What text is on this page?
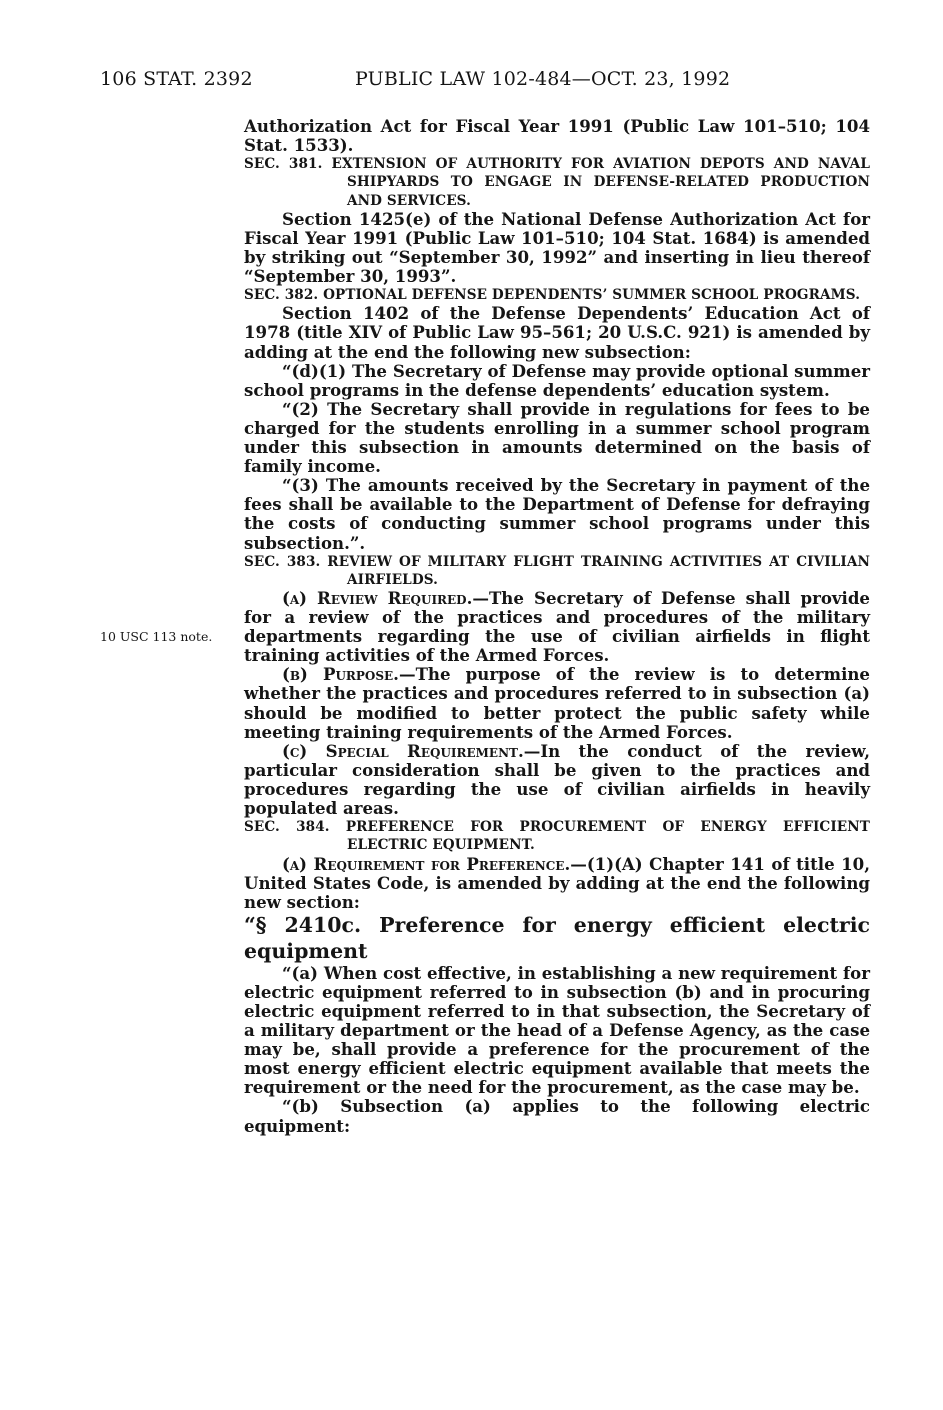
106 STAT. 2392	PUBLIC LAW 102-484—OCT. 23, 1992
10 USC 113 note.

Authorization Act for Fiscal Year 1991 (Public Law 101–510; 104 Stat. 1533).

SEC. 381. EXTENSION OF AUTHORITY FOR AVIATION DEPOTS AND NAVAL SHIPYARDS TO ENGAGE IN DEFENSE-RELATED PRODUCTION AND SERVICES.

Section 1425(e) of the National Defense Authorization Act for Fiscal Year 1991 (Public Law 101–510; 104 Stat. 1684) is amended by striking out “September 30, 1992” and inserting in lieu thereof “September 30, 1993”.

SEC. 382. OPTIONAL DEFENSE DEPENDENTS’ SUMMER SCHOOL PROGRAMS.

Section 1402 of the Defense Dependents’ Education Act of 1978 (title XIV of Public Law 95–561; 20 U.S.C. 921) is amended by adding at the end the following new subsection:

“(d)(1) The Secretary of Defense may provide optional summer school programs in the defense dependents’ education system.

“(2) The Secretary shall provide in regulations for fees to be charged for the students enrolling in a summer school program under this subsection in amounts determined on the basis of family income.

“(3) The amounts received by the Secretary in payment of the fees shall be available to the Department of Defense for defraying the costs of conducting summer school programs under this subsection.”.

SEC. 383. REVIEW OF MILITARY FLIGHT TRAINING ACTIVITIES AT CIVILIAN AIRFIELDS.

(a) Review Required.—The Secretary of Defense shall provide for a review of the practices and procedures of the military departments regarding the use of civilian airfields in flight training activities of the Armed Forces.

(b) Purpose.—The purpose of the review is to determine whether the practices and procedures referred to in subsection (a) should be modified to better protect the public safety while meeting training requirements of the Armed Forces.

(c) Special Requirement.—In the conduct of the review, particular consideration shall be given to the practices and procedures regarding the use of civilian airfields in heavily populated areas.

SEC. 384. PREFERENCE FOR PROCUREMENT OF ENERGY EFFICIENT ELECTRIC EQUIPMENT.

(a) Requirement for Preference.—(1)(A) Chapter 141 of title 10, United States Code, is amended by adding at the end the following new section:

“§ 2410c. Preference for energy efficient electric equipment

“(a) When cost effective, in establishing a new requirement for electric equipment referred to in subsection (b) and in procuring electric equipment referred to in that subsection, the Secretary of a military department or the head of a Defense Agency, as the case may be, shall provide a preference for the procurement of the most energy efficient electric equipment available that meets the requirement or the need for the procurement, as the case may be.

“(b) Subsection (a) applies to the following electric equipment:
